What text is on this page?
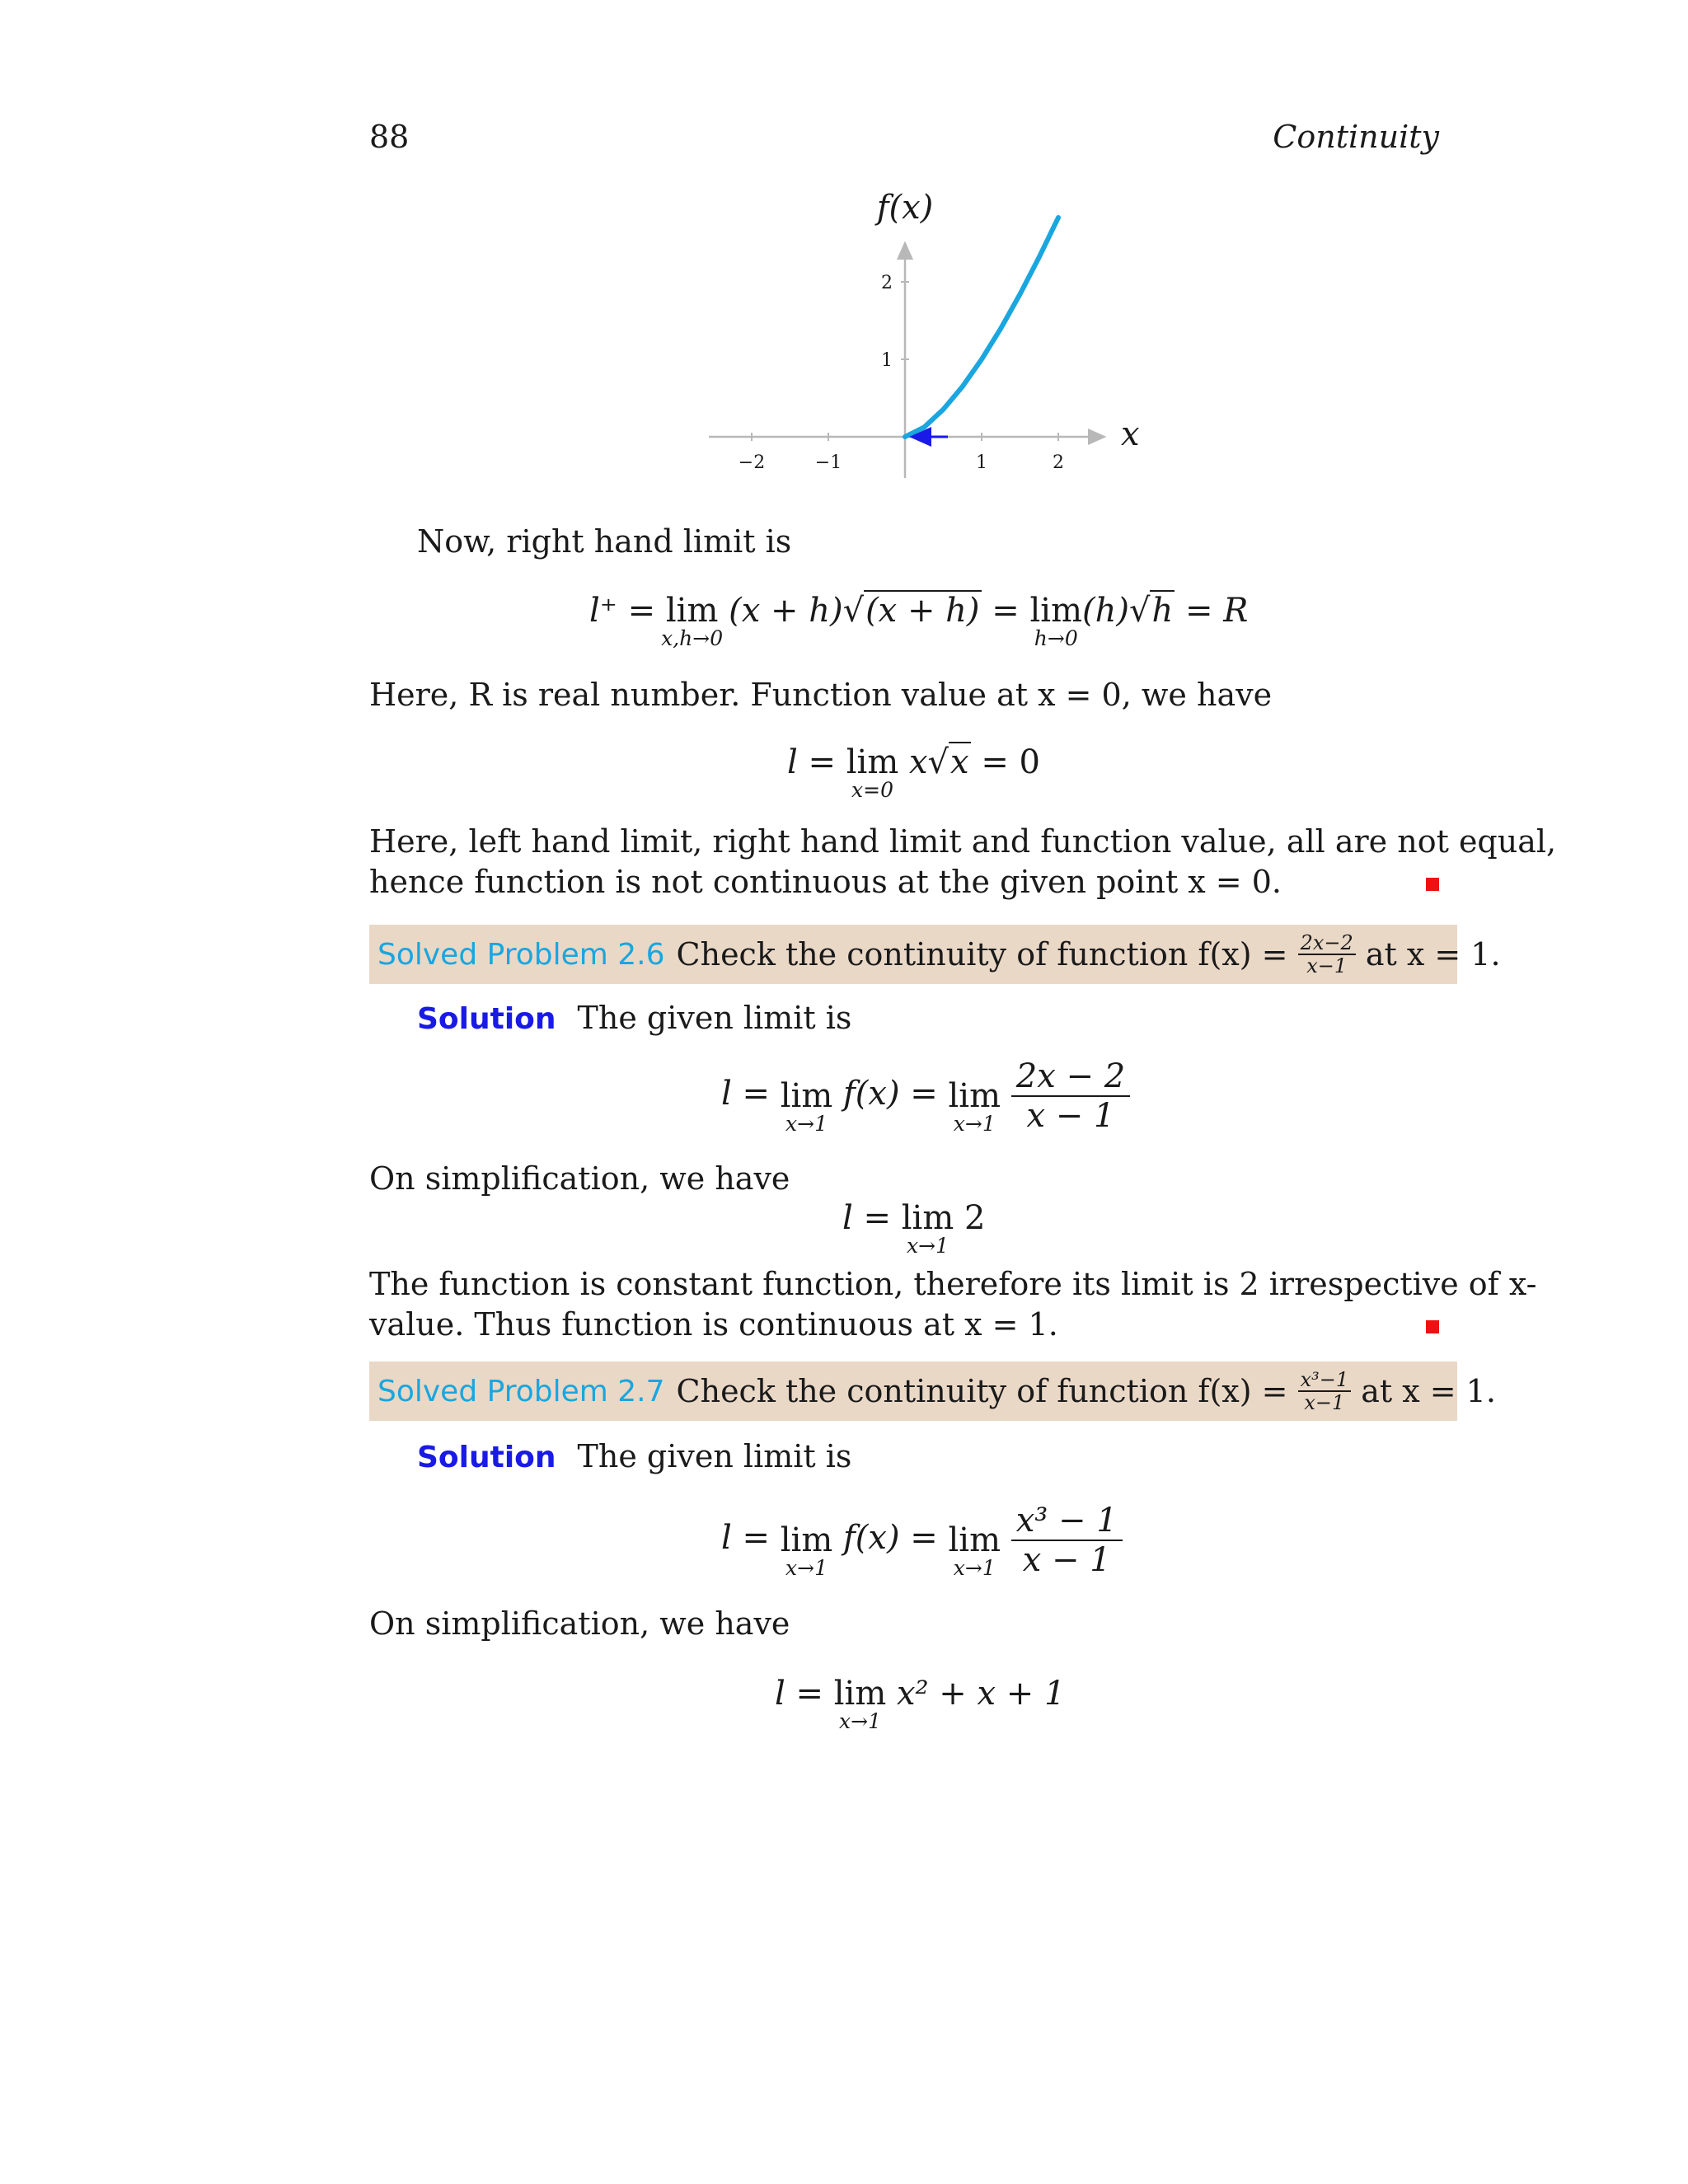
88	Continuity
−2	−1	1	2
1
2
f(x)
x
Now, right hand limit is
l⁺ = lim
x,h→0
(x + h)√(x + h) = lim
h→0
(h)√h = R
Here, R is real number. Function value at x = 0, we have
l = lim
x=0
x√x = 0
Here, left hand limit, right hand limit and function value, all are not equal,
hence function is not continuous at the given point x = 0.
Solved Problem 2.6 Check the continuity of function f(x) =
$\frac{2x-2}{x-1}$
at x = 1.
Solution The given limit is
l = lim
x→1
f(x) = lim
x→1
$\frac{2x - 2}{x - 1}$
On simplification, we have
l = lim
x→1
2
The function is constant function, therefore its limit is 2 irrespective of x-
value. Thus function is continuous at x = 1.
Solved Problem 2.7 Check the continuity of function f(x) =
$\frac{\text{x³−1}}{x-1}$
at x = 1.
Solution The given limit is
l = lim
x→1
f(x) = lim
x→1
$\frac{\text{x³ − 1}}{x - 1}$
On simplification, we have
l = lim
x→1
x² + x + 1
